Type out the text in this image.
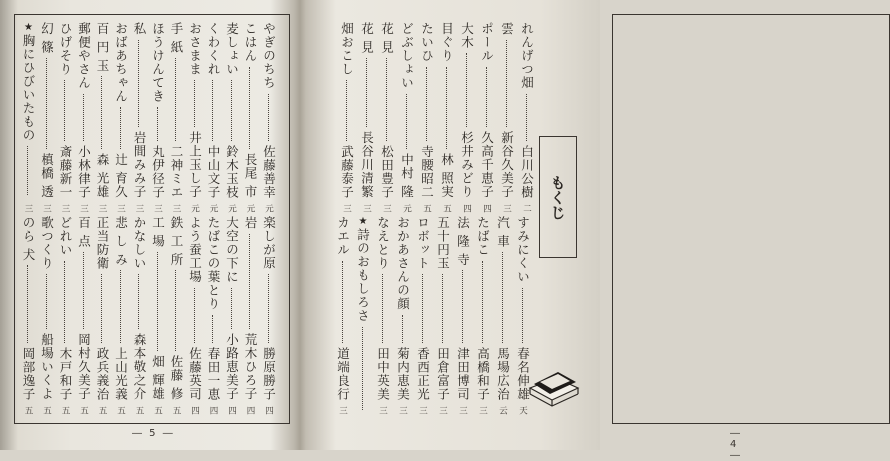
― 5 ―	― 4 ―
れんげつ畑
白川公樹
二
雲
新谷久美子
三
ポール
久高千恵子
四
大木
杉井みどり
四
目ぐり
林 照実
五
たいひ
寺腰昭二
五
どぶしょい
中村 隆
元
花 見
松田豊子
三
花 見
長谷川清繁
三
畑おこし
武藤泰子
三
すみにくい
春名伸雄
天
汽 車
馬場広治
云
たばこ
高橋和子
三
法 隆 寺
津田博司
三
五十円玉
田倉富子
三
ロボット
香西正光
三
おかあさんの顔
菊内恵美
三
なえとり
田中英美
三
★ 詩のおもしろさ
カエル
道端良行
三
やぎのちち
佐藤善幸
元
こはん
長尾 市
元
麦しょい
鈴木玉枝
元
くわくれ
中山文子
元
おさまま
井上玉し子
元
手 紙
二神ミエ
三
ほうけんてき
丸伊径子
三
私
岩間みみ子
三
おばあちゃん
辻 育久
三
百 円 玉
森 光雄
三
郵便やさん
小林律子
三
ひげそり
斎藤新一
三
幻 篠
槙橋 透
三
★ 胸にひびいたもの
三
楽しが原
勝原勝子
四
岩
荒木ひろ子
四
大空の下に
小路恵美子
四
たばこの葉とり
春田一恵
四
よう蚕工場
佐藤英司
四
鉄 工 所
佐藤 修
五
工 場
畑 輝雄
五
かなしい
森本敬之介
五
悲 し み
上山光義
五
正当防衛
政兵義治
五
百 点
岡村久美子
五
どれい
木戸和子
五
歌つくり
船場いくよ
五
のら 犬
岡部逸子
五
もくじ
